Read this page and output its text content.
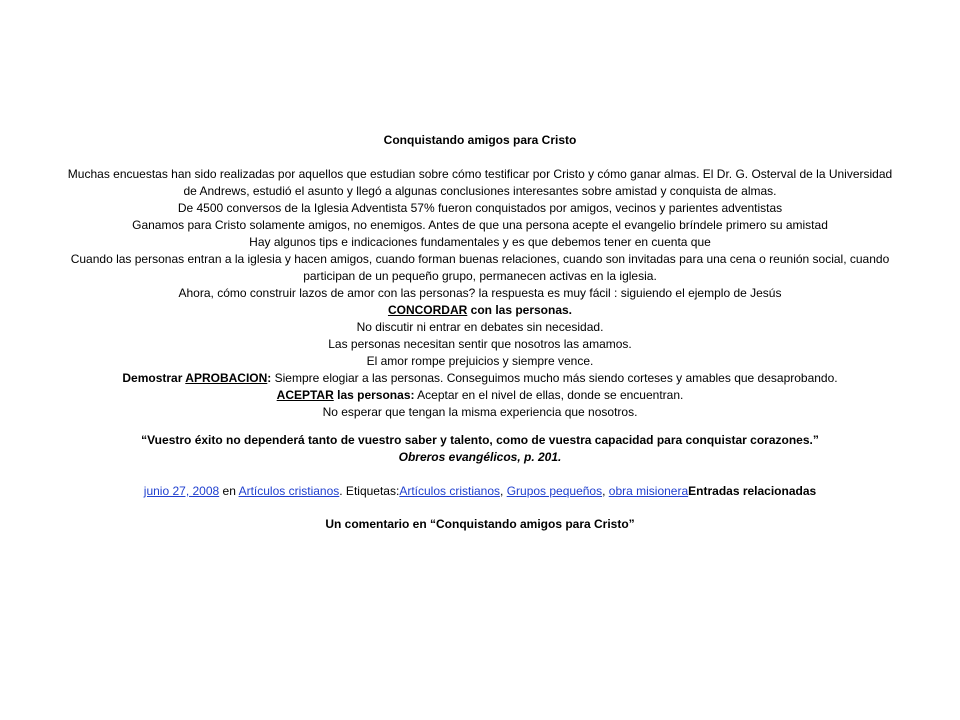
Conquistando amigos para Cristo
Muchas encuestas han sido realizadas por aquellos que estudian sobre cómo testificar por Cristo y cómo ganar almas. El Dr. G. Osterval de la Universidad de Andrews, estudió el asunto y llegó a algunas conclusiones interesantes sobre amistad y conquista de almas.
De 4500 conversos de la Iglesia Adventista 57% fueron conquistados por amigos, vecinos y parientes adventistas
Ganamos para Cristo solamente amigos, no enemigos. Antes de que una persona acepte el evangelio bríndele primero su amistad
Hay algunos tips e indicaciones fundamentales y es que debemos tener en cuenta que
Cuando las personas entran a la iglesia y hacen amigos, cuando forman buenas relaciones, cuando son invitadas para una cena o reunión social, cuando participan de un pequeño grupo, permanecen activas en la iglesia.
Ahora, cómo construir lazos de amor con las personas? la respuesta es muy fácil : siguiendo el ejemplo de Jesús
CONCORDAR con las personas.
No discutir ni entrar en debates sin necesidad.
Las personas necesitan sentir que nosotros las amamos.
El amor rompe prejuicios y siempre vence.
Demostrar APROBACION: Siempre elogiar a las personas. Conseguimos mucho más siendo corteses y amables que desaprobando.
ACEPTAR las personas: Aceptar en el nivel de ellas, donde se encuentran.
No esperar que tengan la misma experiencia que nosotros.
“Vuestro éxito no dependerá tanto de vuestro saber y talento, como de vuestra capacidad para conquistar corazones.”
Obreros evangélicos, p. 201.
junio 27, 2008 en Artículos cristianos. Etiquetas:Artículos cristianos, Grupos pequeños, obra misioneraEntradas relacionadas
Un comentario en “Conquistando amigos para Cristo”
